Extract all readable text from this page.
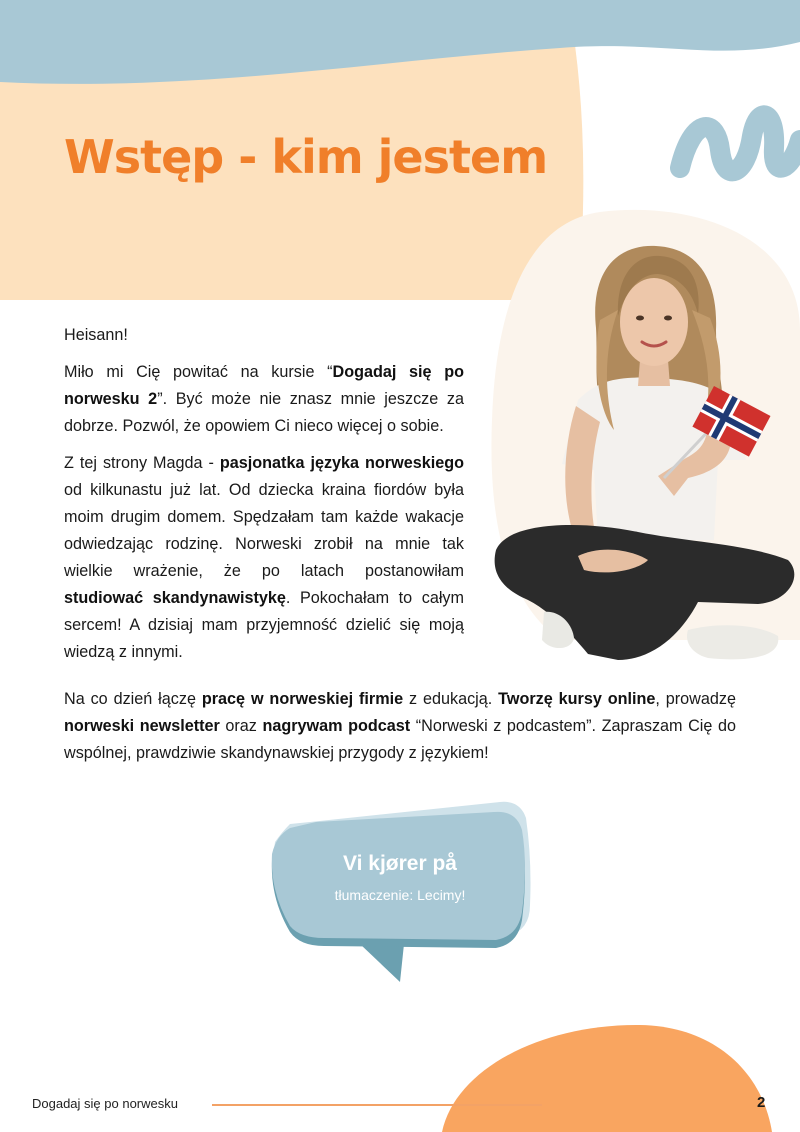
Wstęp - kim jestem

Heisann!

Miło mi Cię powitać na kursie “Dogadaj się po norwesku 2”. Być może nie znasz mnie jeszcze za dobrze. Pozwól, że opowiem Ci nieco więcej o sobie.

Z tej strony Magda - pasjonatka języka norweskiego od kilkunastu już lat. Od dziecka kraina fiordów była moim drugim domem. Spędzałam tam każde wakacje odwiedzając rodzinę. Norweski zrobił na mnie tak wielkie wrażenie, że po latach postanowiłam studiować skandynawistykę. Pokochałam to całym sercem! A dzisiaj mam przyjemność dzielić się moją wiedzą z innymi.

Na co dzień łączę pracę w norweskiej firmie z edukacją. Tworzę kursy online, prowadzę norweski newsletter oraz nagrywam podcast “Norweski z podcastem”. Zapraszam Cię do wspólnej, prawdziwie skandynawskiej przygody z językiem!

Vi kjører på

tłumaczenie: Lecimy!

Dogadaj się po norwesku	2
